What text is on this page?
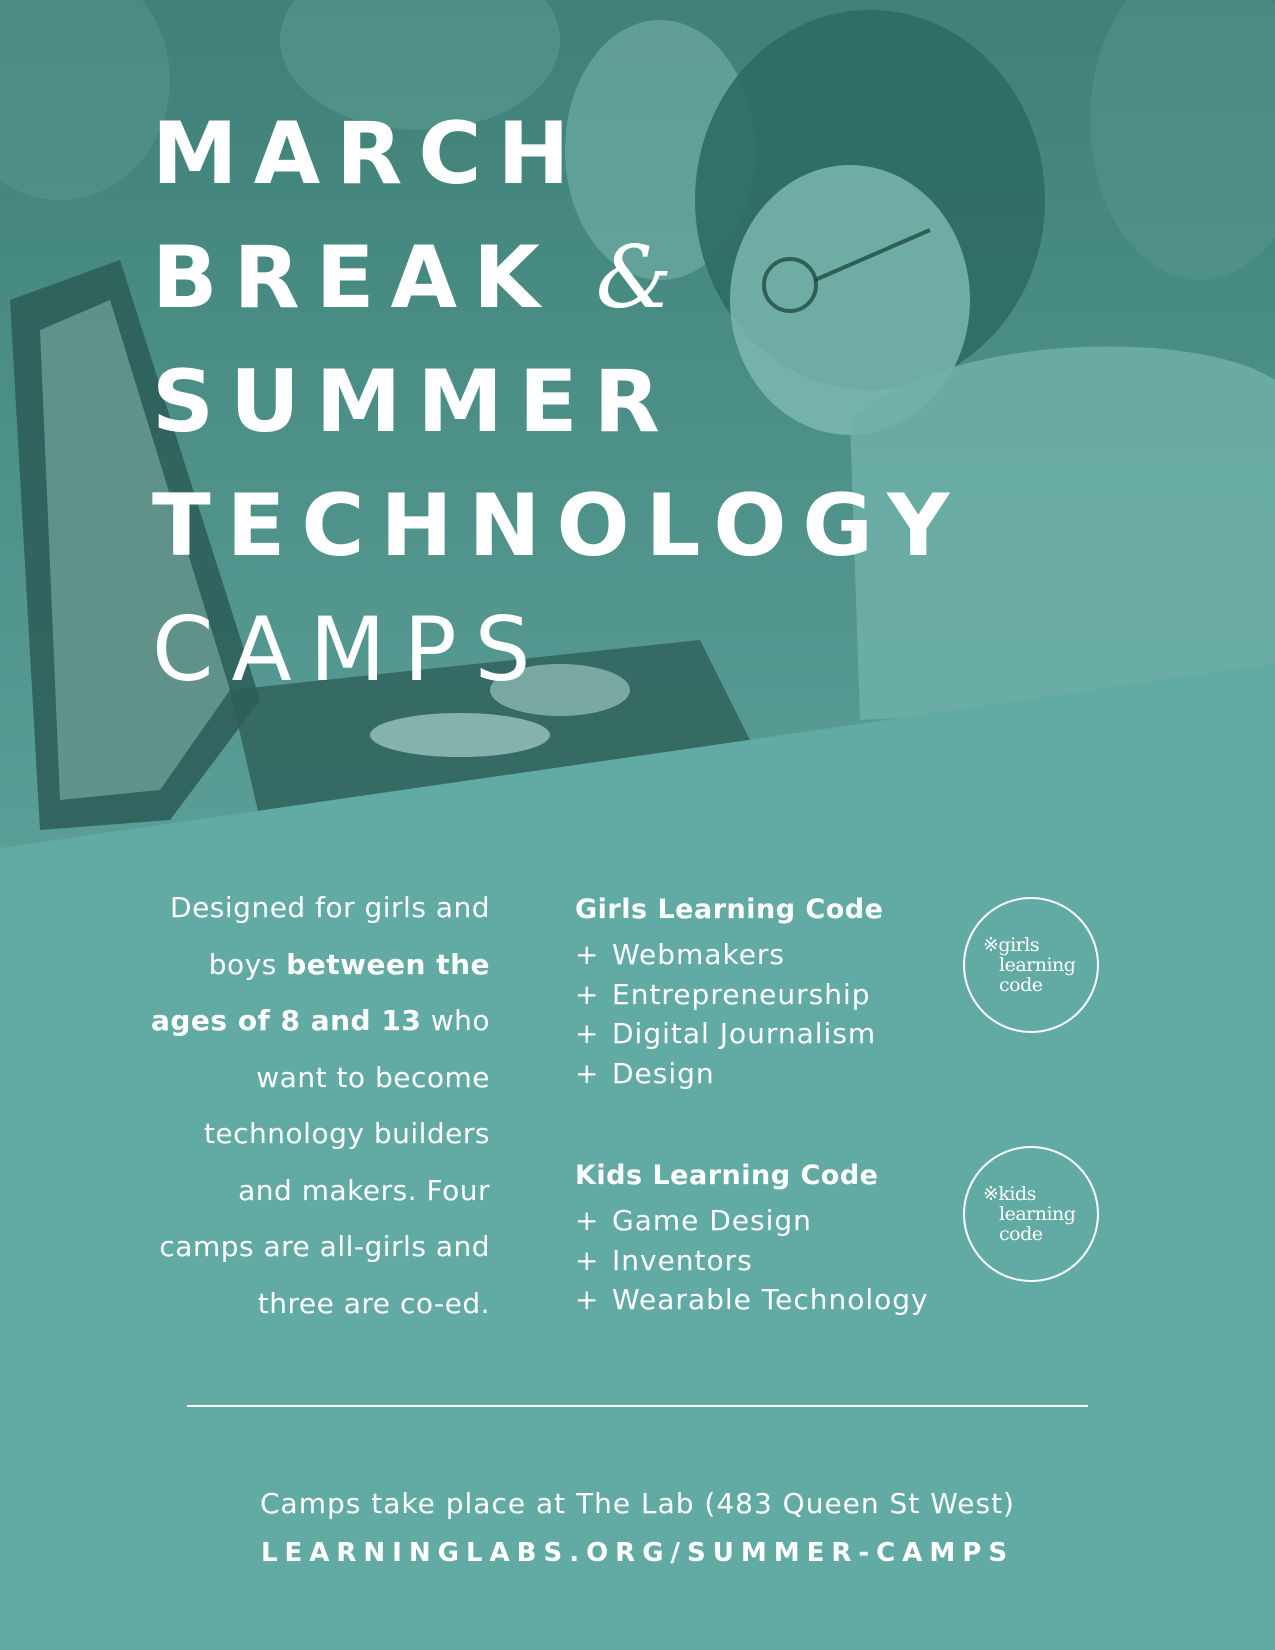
MARCH
BREAK &
SUMMER
TECHNOLOGY
CAMPS
Designed for girls and boys between the ages of 8 and 13 who want to become technology builders and makers. Four camps are all-girls and three are co-ed.
Girls Learning Code
+ Webmakers
+ Entrepreneurship
+ Digital Journalism
+ Design
※girls
learning
code
Kids Learning Code
+ Game Design
+ Inventors
+ Wearable Technology
※kids
learning
code
Camps take place at The Lab (483 Queen St West)
LEARNINGLABS.ORG/SUMMER-CAMPS
